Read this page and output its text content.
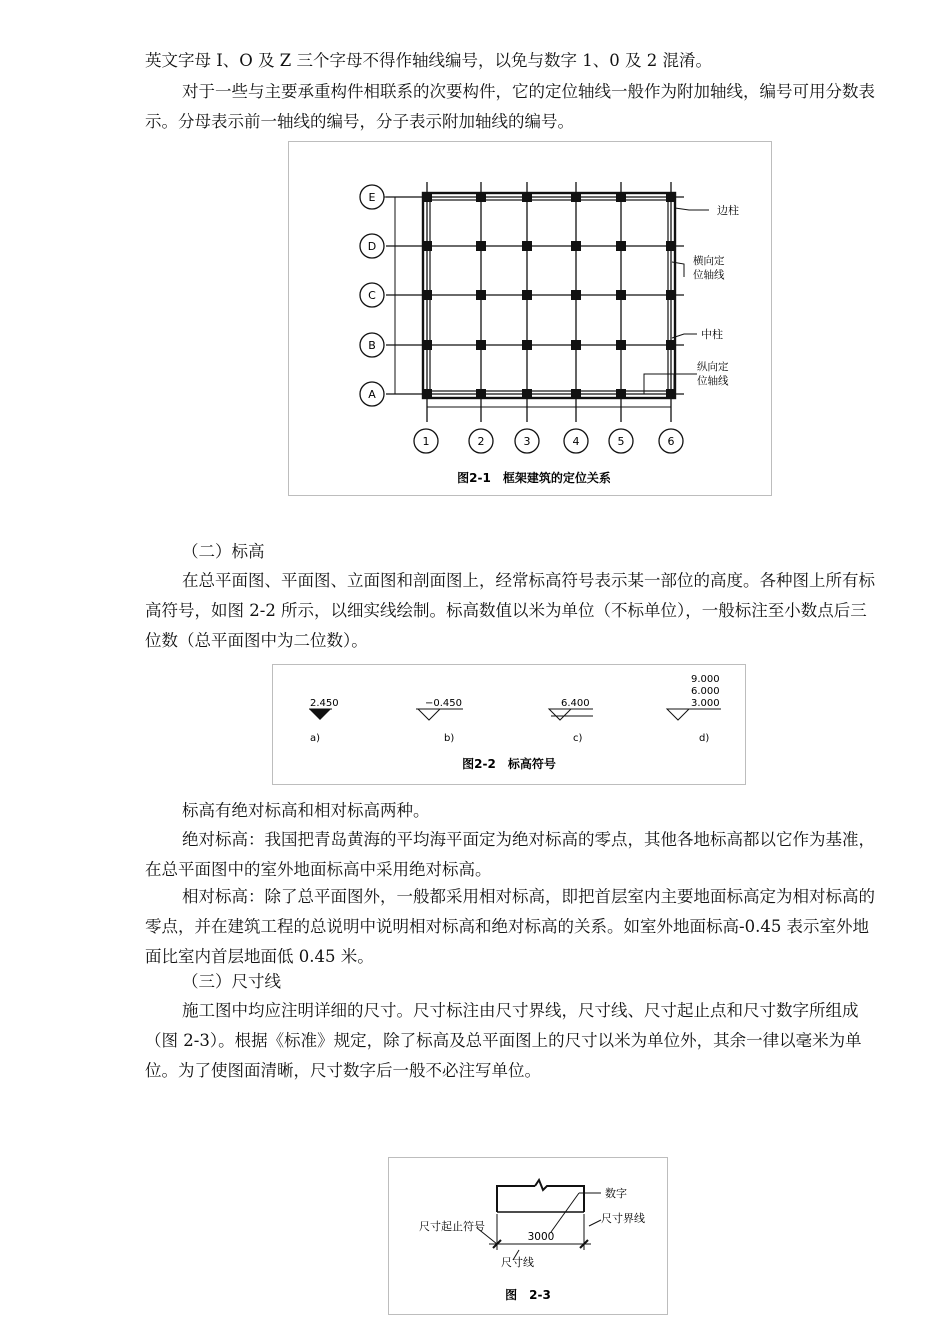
英文字母 I、O 及 Z 三个字母不得作轴线编号，以免与数字 1、0 及 2 混淆。

对于一些与主要承重构件相联系的次要构件，它的定位轴线一般作为附加轴线，编号可用分数表示。分母表示前一轴线的编号，分子表示附加轴线的编号。

E
D
C
B
A
1	2	3	4	5	6
边柱
横向定
位轴线
中柱
纵向定
位轴线
图2-1　框架建筑的定位关系

（二）标高

在总平面图、平面图、立面图和剖面图上，经常标高符号表示某一部位的高度。各种图上所有标高符号，如图 2-2 所示，以细实线绘制。标高数值以米为单位（不标单位），一般标注至小数点后三位数（总平面图中为二位数）。

2.450
a)
−0.450
b)
6.400
c)
9.000
6.000
3.000
d)
图2-2　标高符号

标高有绝对标高和相对标高两种。

绝对标高：我国把青岛黄海的平均海平面定为绝对标高的零点，其他各地标高都以它作为基准，在总平面图中的室外地面标高中采用绝对标高。

相对标高：除了总平面图外，一般都采用相对标高，即把首层室内主要地面标高定为相对标高的零点，并在建筑工程的总说明中说明相对标高和绝对标高的关系。如室外地面标高-0.45 表示室外地面比室内首层地面低 0.45 米。

（三）尺寸线

施工图中均应注明详细的尺寸。尺寸标注由尺寸界线，尺寸线、尺寸起止点和尺寸数字所组成（图 2-3）。根据《标准》规定，除了标高及总平面图上的尺寸以米为单位外，其余一律以毫米为单位。为了使图面清晰，尺寸数字后一般不必注写单位。

3000
数字
尺寸界线
尺寸起止符号
尺寸线
图　2-3
